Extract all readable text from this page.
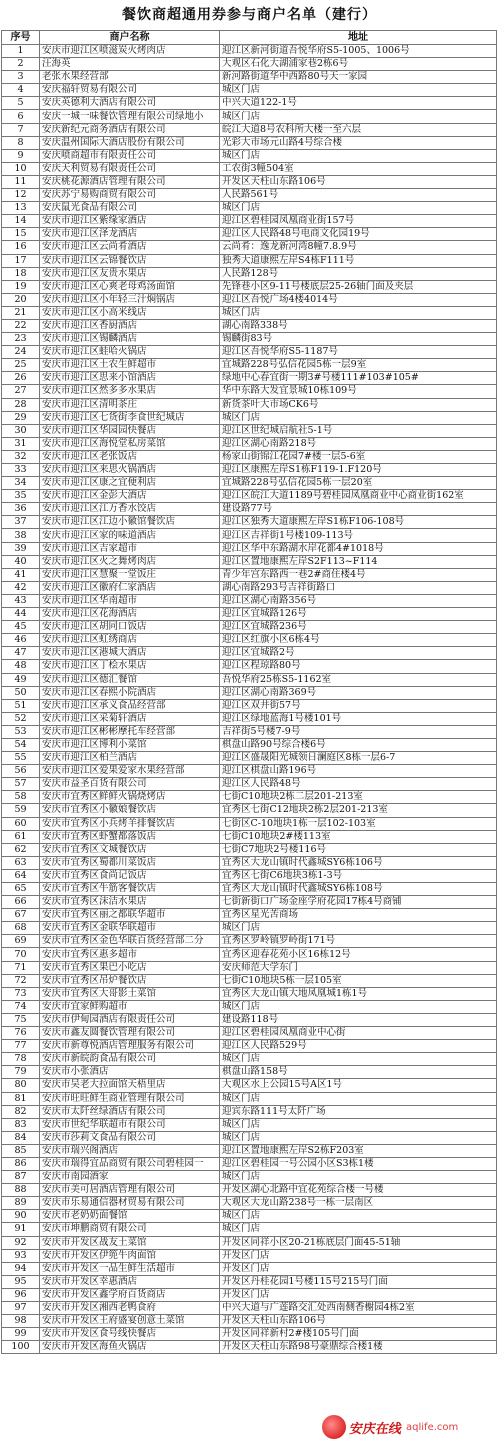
餐饮商超通用券参与商户名单（建行）
序号	商户名称	地址
1	安庆市迎江区喷滋炭火烤肉店	迎江区新河街道吾悦华府S5-1005、1006号
2	汪海英	大观区石化大湖浦家巷2栋6号
3	老张水果经营部	新河路街道华中西路80号天一家园
4	安庆福轩贸易有限公司	城区门店
5	安庆英德利大酒店有限公司	中兴大道122-1号
6	安庆一城一味餐饮管理有限公司绿地小	城区门店
7	安庆新纪元商务酒店有限公司	皖江大道8号农科所大楼一至六层
8	安庆温州国际大酒店股份有限公司	光彩大市场元山路4号综合楼
9	安庆喷商超市有限责任公司	城区门店
10	安庆天利贸易有限责任公司	工农街3幢504室
11	安庆桃花源酒店管理有限公司	开发区天柱山东路106号
12	安庆苏宁易购商贸有限公司	人民路561号
13	安庆鼠光食品有限公司	城区门店
14	安庆市迎江区紫缘家酒店	迎江区碧桂园凤凰商业街157号
15	安庆市迎江区泽龙酒店	迎江区人民路48号电商文化园19号
16	安庆市迎江区云尚肴酒店	云尚肴：逸龙新河湾8幢7.8.9号
17	安庆市迎江区云锦餐饮店	独秀大道康熙左岸S4栋F111号
18	安庆市迎江区友贵水果店	人民路128号
19	安庆市迎江区心爽老母鸡汤面馆	先锋巷小区9-11号楼底层25-26轴门面及夹层
20	安庆市迎江区小年轻三汁焖锅店	迎江区吾悦广场4楼4014号
21	安庆市迎江区小高米线店	城区门店
22	安庆市迎江区香厨酒店	湖心南路338号
23	安庆市迎江区锡麟酒店	锡麟街83号
24	安庆市迎江区蛙哈火锅店	迎江区吾悦华府S5-1187号
25	安庆市迎江区土农生鲜超市	宜城路228号弘信花园5栋一层9室
26	安庆市迎江区思来小馆酒店	绿地中心春宜街一期3#号楼111#103#105#
27	安庆市迎江区然多多水果店	华中东路大发宜景城10栋109号
28	安庆市迎江区清明茶庄	新货茶叶大市场CK6号
29	安庆市迎江区七货街李食世纪城店	城区门店
30	安庆市迎江区华园园快餐店	迎江区世纪城启航社5-1号
31	安庆市迎江区海悦堂私房菜馆	迎江区湖心南路218号
32	安庆市迎江区老张饭店	杨家山街锦江花园7#楼一层5-6室
33	安庆市迎江区来思火锅酒店	迎江区康熙左岸S1栋F119-1.F120号
34	安庆市迎江区康之宜便利店	宜城路228号弘信花园5栋一层20室
35	安庆市迎江区金彭大酒店	迎江区皖江大道1189号碧桂园凤凰商业中心商业街162室
36	安庆市迎江区江万香水饺店	建设路77号
37	安庆市迎江区江边小徽馆餐饮店	迎江区独秀大道康熙左岸S1栋F106-108号
38	安庆市迎江区家的味道酒店	迎江区吉祥街1号楼109-113号
39	安庆市迎江区吉家超市	迎江区华中东路湖水岸花都4#1018号
40	安庆市迎江区火之舞烤肉店	迎江区置地康熙左岸S2F113~F114
41	安庆市迎江区慧聚一堂饭庄	青少年宫东路西一巷2#商住楼4号
42	安庆市迎江区徽府仁家酒店	湖心南路293号吉祥街路口
43	安庆市迎江区华南超市	迎江区湖心南路356号
44	安庆市迎江区花海酒店	迎江区宜城路126号
45	安庆市迎江区胡同口饭店	迎江区宜城路236号
46	安庆市迎江区虹绣商店	迎江区红旗小区6栋4号
47	安庆市迎江区港城大酒店	迎江区宜城路2号
48	安庆市迎江区丁桧水果店	迎江区程琼路80号
49	安庆市迎江区德汇餐馆	吾悦华府25栋S5-1162室
50	安庆市迎江区春熙小院酒店	迎江区湖心南路369号
51	安庆市迎江区承义食品经营部	迎江区双井街57号
52	安庆市迎江区采菊轩酒店	迎江区绿地蓝海1号楼101号
53	安庆市迎江区彬彬摩托车经营部	吉祥街5号楼7-9号
54	安庆市迎江区博利小菜馆	棋盘山路90号综合楼6号
55	安庆市迎江区柏兰酒店	迎江区盛晟阳光城领日澜庭区8栋一层6-7
56	安庆市迎江区爱果爱家水果经营部	迎江区棋盘山路196号
57	安庆市益圣百货有限公司	迎江区人民路48号
58	安庆市宜秀区鲜鲜火锅烧烤店	七街C10地块2栋二层201-213室
59	安庆市宜秀区小徽娘餐饮店	宜秀区七街C12地块2栋2层201-213室
60	安庆市宜秀区小兵烤羊排餐饮店	七街区C-10地块1栋一层102-103室
61	安庆市宜秀区虾蟹都落饭店	七街C10地块2#楼113室
62	安庆市宜秀区文城餐饮店	七街C7地块2号楼116号
63	安庆市宜秀区蜀都川菜饭店	宜秀区大龙山镇时代鑫城SY6栋106号
64	安庆市宜秀区食尚记饭店	宜秀区七街C6地块3栋1-3号
65	安庆市宜秀区牛筋客餐饮店	宜秀区大龙山镇时代鑫城SY6栋108号
66	安庆市宜秀区沫洁水果店	七街新街口广场金座学府花园17栋4号商铺
67	安庆市宜秀区丽之都联华超市	宜秀区星光苦商场
68	安庆市宜秀区金联华联超市	城区门店
69	安庆市宜秀区金色华联百货经营部二分	宜秀区罗岭镇罗岭街171号
70	安庆市宜秀区惠多超市	宜秀区迎春花苑小区16栋12号
71	安庆市宜秀区果巴小吃店	安庆师范大学东门
72	安庆市宜秀区吊炉餐饮店	七街C10地块5栋一层105室
73	安庆市宜秀区大哥影土菜馆	宜秀区大龙山镇大地凤凰城1栋1号
74	安庆市宜家鲜购超市	城区门店
75	安庆市伊甸园酒店有限责任公司	建设路118号
76	安庆市鑫友圆餐饮管理有限公司	迎江区碧桂园凤凰商业中心街
77	安庆市新尊悦酒店管理服务有限公司	迎江区人民路529号
78	安庆市新皖韵食品有限公司	城区门店
79	安庆市小张酒店	棋盘山路158号
80	安庆市吴老大拉面馆天梧里店	大观区水上公园15号A区1号
81	安庆市旺旺鲜生商业管理有限公司	城区门店
82	安庆市太阡丝绿酒店有限公司	迎宾东路111号太阡广场
83	安庆市世纪华联超市有限公司	城区门店
84	安庆市莎莉文食品有限公司	城区门店
85	安庆市瑞兴阁酒店	迎江区置地康熙左岸S2栋F203室
86	安庆市瑞得宜品商贸有限公司碧桂园一	迎江区碧桂园一号公园小区S3栋1楼
87	安庆市南园酒家	城区门店
88	安庆市美可居酒店管理有限公司	开发区湖心北路中宜花苑综合楼一号楼
89	安庆市乐易通信器材贸易有限公司	大观区大龙山路238号一栋一层南区
90	安庆市老奶奶面餐馆	城区门店
91	安庆市坤鹏商贸有限公司	城区门店
92	安庆市开发区战友土菜馆	开发区同祥小区20-21栋底层门面45-51轴
93	安庆市开发区伊篼牛肉面馆	开发区门店
94	安庆市开发区一品生鲜生活超市	开发区门店
95	安庆市开发区幸惠酒店	开发区丹桂花园1号楼115号215号门面
96	安庆市开发区鑫学府百货商店	开发区门店
97	安庆市开发区湘西老鸭食府	中兴大道与广莲路交汇处西南侧香榭园4栋2室
98	安庆市开发区王府盛宴创意土菜馆	开发区天柱山东路106号
99	安庆市开发区食号线快餐店	开发区同祥新村2#楼105号门面
100	安庆市开发区海鱼火锅店	开发区天柱山东路98号豪鼎综合楼1楼
安庆在线 aqlife.com
